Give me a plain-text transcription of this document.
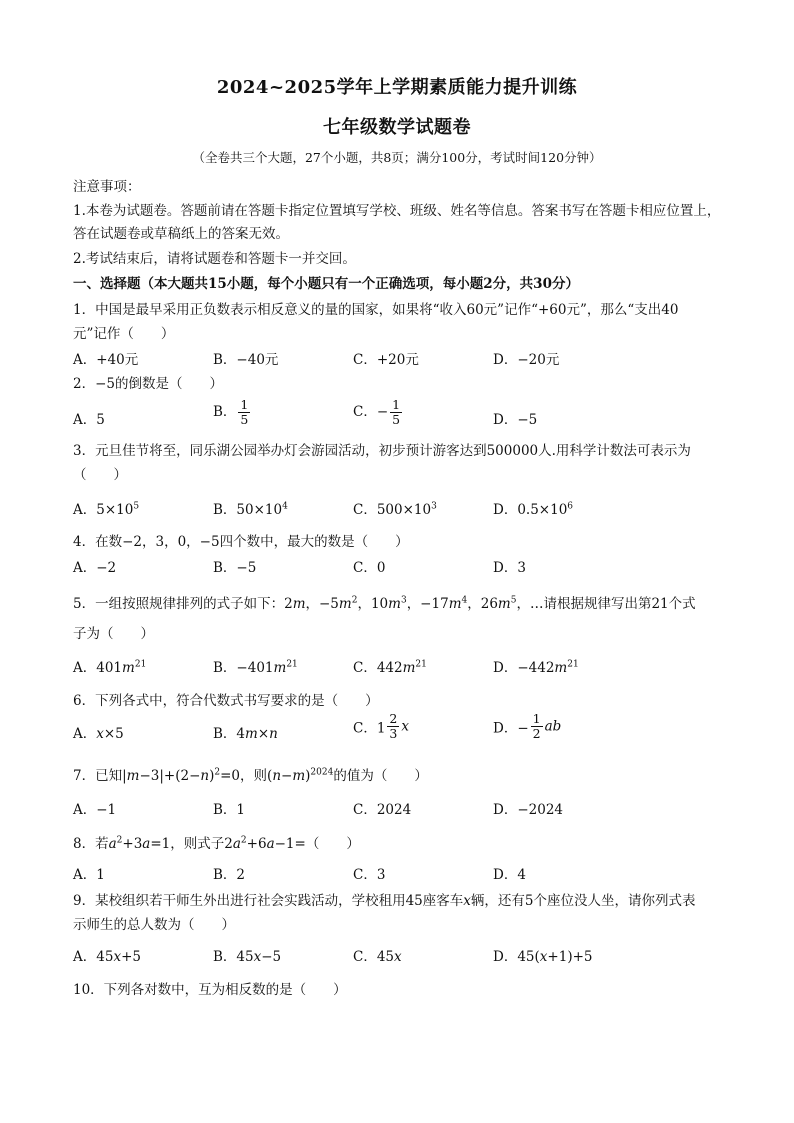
2024~2025学年上学期素质能力提升训练
七年级数学试题卷
（全卷共三个大题，27个小题，共8页；满分100分，考试时间120分钟）
注意事项：
1.本卷为试题卷。答题前请在答题卡指定位置填写学校、班级、姓名等信息。答案书写在答题卡相应位置上，
答在试题卷或草稿纸上的答案无效。
2.考试结束后，请将试题卷和答题卡一并交回。
一、选择题（本大题共15小题，每个小题只有一个正确选项，每小题2分，共30分）
1．中国是最早采用正负数表示相反意义的量的国家，如果将“收入60元”记作“+60元”，那么“支出40
元”记作（　　）
A．+40元	B．−40元	C．+20元	D．−20元
2．−5的倒数是（　　）
A．5
B． $\frac{1}{5}$	C．− $\frac{1}{5}$	D．−5
3．元旦佳节将至，同乐湖公园举办灯会游园活动，初步预计游客达到500000人.用科学计数法可表示为
（　　）
A．$5\times 10^5$	B．$50\times 10^4$	C．$500\times 10^3$	D．$0.5\times 10^6$
4．在数−2，3，0，−5四个数中，最大的数是（　　）
A．−2	B．−5	C．0	D．3
5．一组按照规律排列的式子如下：2m，$-5m^2$，$10m^3$，$-17m^4$，$26m^5$，…请根据规律写出第21个式
子为（　　）
A．$401m^{21}$	B．$-401m^{21}$	C．$442m^{21}$	D．$-442m^{21}$
6．下列各式中，符合代数式书写要求的是（　　）
A．x×5	B．4m×n	C．$1 \frac{2}{3}$ x	D．− $\frac{1}{2}$ ab
7．已知$|m-3|+(2-n)^2=0$，则$(n-m)^{2024}$的值为（　　）
A．−1	B．1	C．2024	D．−2024
8．若$a^2+3a=1$，则式子$2a^2+6a-1=$（　　）
A．1	B．2	C．3	D．4
9．某校组织若干师生外出进行社会实践活动，学校租用45座客车x辆，还有5个座位没人坐，请你列式表
示师生的总人数为（　　）
A．45x+5	B．45x−5	C．45x	D．45(x+1)+5
10．下列各对数中，互为相反数的是（　　）
